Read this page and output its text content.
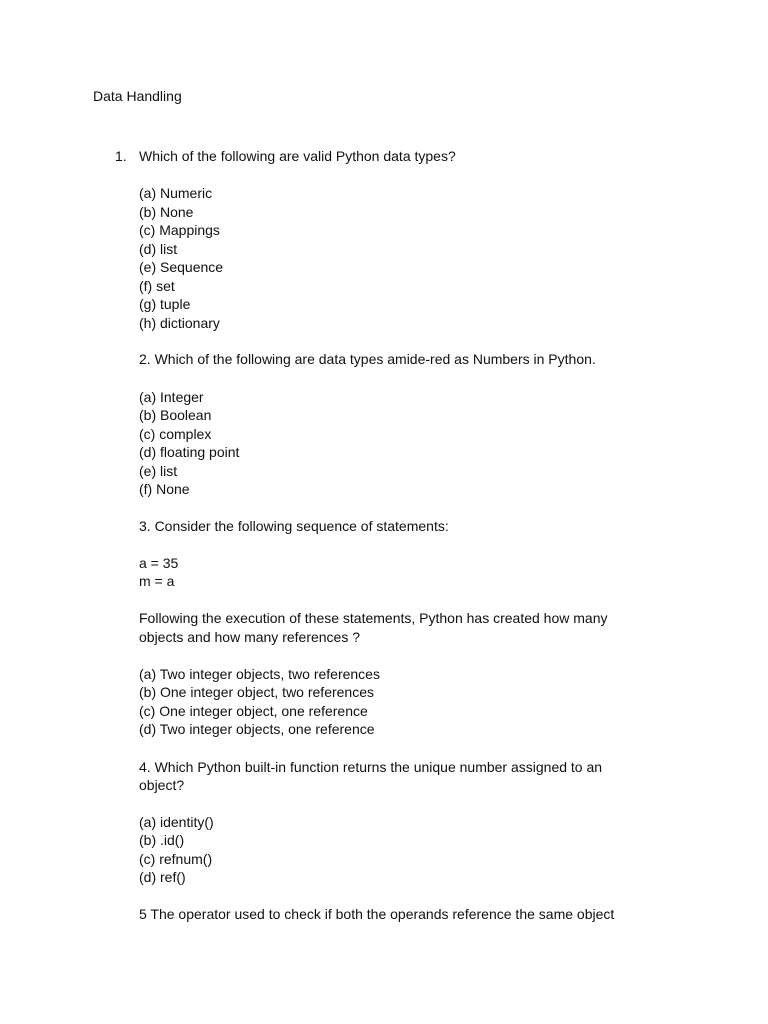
Data Handling
1. Which of the following are valid Python data types?
(a) Numeric
(b) None
(c) Mappings
(d) list
(e) Sequence
(f) set
(g) tuple
(h) dictionary
2. Which of the following are data types amide-red as Numbers in Python.
(a) Integer
(b) Boolean
(c) complex
(d) floating point
(e) list
(f) None
3. Consider the following sequence of statements:
a = 35
m = a
Following the execution of these statements, Python has created how many
objects and how many references ?
(a) Two integer objects, two references
(b) One integer object, two references
(c) One integer object, one reference
(d) Two integer objects, one reference
4. Which Python built-in function returns the unique number assigned to an
object?
(a) identity()
(b) .id()
(c) refnum()
(d) ref()
5 The operator used to check if both the operands reference the same object
